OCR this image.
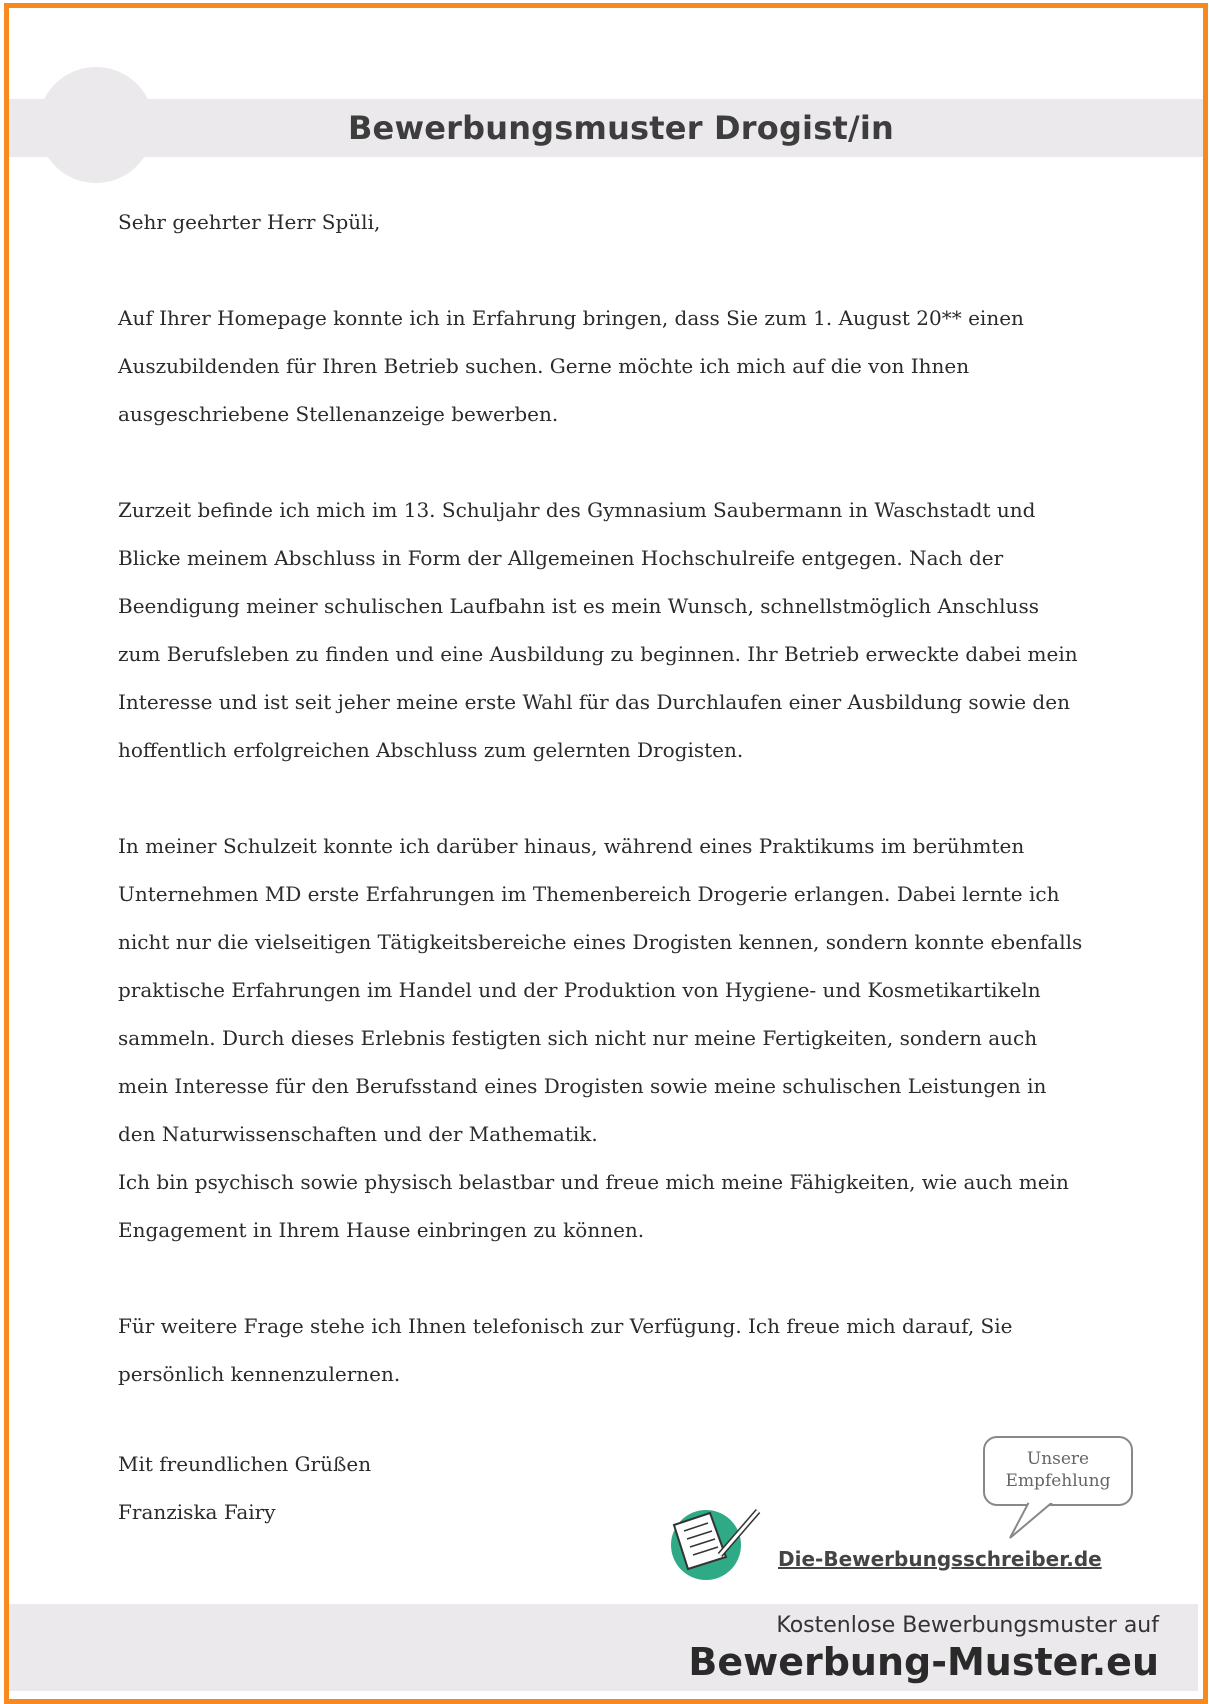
Bewerbungsmuster Drogist/in

Sehr geehrter Herr Spüli,

Auf Ihrer Homepage konnte ich in Erfahrung bringen, dass Sie zum 1. August 20** einen

Auszubildenden für Ihren Betrieb suchen. Gerne möchte ich mich auf die von Ihnen

ausgeschriebene Stellenanzeige bewerben.

Zurzeit befinde ich mich im 13. Schuljahr des Gymnasium Saubermann in Waschstadt und

Blicke meinem Abschluss in Form der Allgemeinen Hochschulreife entgegen. Nach der

Beendigung meiner schulischen Laufbahn ist es mein Wunsch, schnellstmöglich Anschluss

zum Berufsleben zu finden und eine Ausbildung zu beginnen. Ihr Betrieb erweckte dabei mein

Interesse und ist seit jeher meine erste Wahl für das Durchlaufen einer Ausbildung sowie den

hoffentlich erfolgreichen Abschluss zum gelernten Drogisten.

In meiner Schulzeit konnte ich darüber hinaus, während eines Praktikums im berühmten

Unternehmen MD erste Erfahrungen im Themenbereich Drogerie erlangen. Dabei lernte ich

nicht nur die vielseitigen Tätigkeitsbereiche eines Drogisten kennen, sondern konnte ebenfalls

praktische Erfahrungen im Handel und der Produktion von Hygiene- und Kosmetikartikeln

sammeln. Durch dieses Erlebnis festigten sich nicht nur meine Fertigkeiten, sondern auch

mein Interesse für den Berufsstand eines Drogisten sowie meine schulischen Leistungen in

den Naturwissenschaften und der Mathematik.

Ich bin psychisch sowie physisch belastbar und freue mich meine Fähigkeiten, wie auch mein

Engagement in Ihrem Hause einbringen zu können.

Für weitere Frage stehe ich Ihnen telefonisch zur Verfügung. Ich freue mich darauf, Sie

persönlich kennenzulernen.

Mit freundlichen Grüßen

Franziska Fairy

Unsere
Empfehlung
Die-Bewerbungsschreiber.de
Kostenlose Bewerbungsmuster auf
Bewerbung-Muster.eu
